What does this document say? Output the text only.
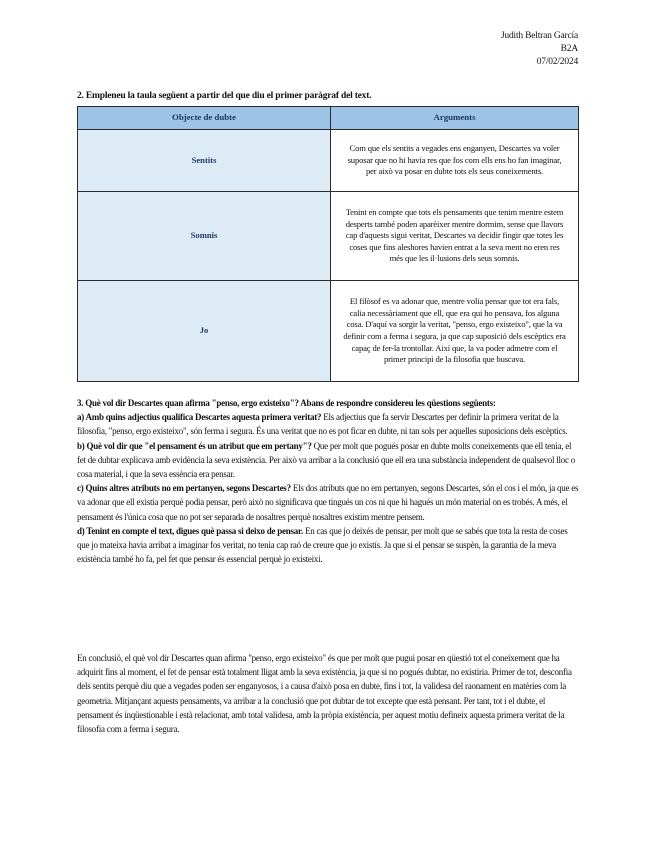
Judith Beltran García
B2A
07/02/2024
2. Empleneu la taula següent a partir del que diu el primer paràgraf del text.
Objecte de dubte	Arguments
Sentits	Com que els sentits a vegades ens enganyen, Descartes va voler suposar que no hi havia res que fos com ells ens ho fan imaginar, per això va posar en dubte tots els seus coneixements.
Somnis	Tenint en compte que tots els pensaments que tenim mentre estem desperts també poden aparèixer mentre dormim, sense que llavors cap d'aquests sigui veritat, Descartes va decidir fingir que totes les coses que fins aleshores havien entrat a la seva ment no eren res més que les il·lusions dels seus somnis.
Jo	El filòsof es va adonar que, mentre volia pensar que tot era fals, calia necessàriament que ell, que era qui ho pensava, fos alguna cosa. D'aquí va sorgir la veritat, "penso, ergo existeixo", que la va definir com a ferma i segura, ja que cap suposició dels escèptics era capaç de fer-la trontollar. Així que, la va poder admetre com el primer principi de la filosofia que buscava.

3. Què vol dir Descartes quan afirma "penso, ergo existeixo"? Abans de respondre considereu les qüestions següents:

a) Amb quins adjectius qualifica Descartes aquesta primera veritat? Els adjectius que fa servir Descartes per definir la primera veritat de la filosofia, "penso, ergo existeixo", són ferma i segura. És una veritat que no es pot ficar en dubte, ni tan sols per aquelles suposicions dels escèptics.

b) Què vol dir que "el pensament és un atribut que em pertany"? Que per molt que pogués posar en dubte molts coneixements que ell tenia, el fet de dubtar explicava amb evidència la seva existència. Per això va arribar a la conclusió que ell era una substància independent de qualsevol lloc o cosa material, i que la seva essència era pensar.

c) Quins altres atributs no em pertanyen, segons Descartes? Els dos atributs que no em pertanyen, segons Descartes, són el cos i el món, ja que es va adonar que ell existia perquè podia pensar, però això no significava que tingués un cos ni que hi hagués un món material on es trobés. A més, el pensament és l'única cosa que no pot ser separada de nosaltres perquè nosaltres existim mentre pensem.

d) Tenint en compte el text, digues què passa si deixo de pensar. En cas que jo deixés de pensar, per molt que se sabés que tota la resta de coses que jo mateixa havia arribat a imaginar fos veritat, no tenia cap raó de creure que jo existís. Ja que si el pensar se suspèn, la garantia de la meva existència també ho fa, pel fet que pensar és essencial perquè jo existeixi.

En conclusió, el què vol dir Descartes quan afirma "penso, ergo existeixo" és que per molt que pugui posar en qüestió tot el coneixement que ha adquirit fins al moment, el fet de pensar està totalment lligat amb la seva existència, ja que si no pogués dubtar, no existiria. Primer de tot, desconfia dels sentits perquè diu que a vegades poden ser enganyosos, i a causa d'això posa en dubte, fins i tot, la validesa del raonament en matèries com la geometria. Mitjançant aquests pensaments, va arribar a la conclusió que pot dubtar de tot excepte que està pensant. Per tant, tot i el dubte, el pensament és inqüestionable i està relacionat, amb total validesa, amb la pròpia existència, per aquest motiu defineix aquesta primera veritat de la filosofia com a ferma i segura.
